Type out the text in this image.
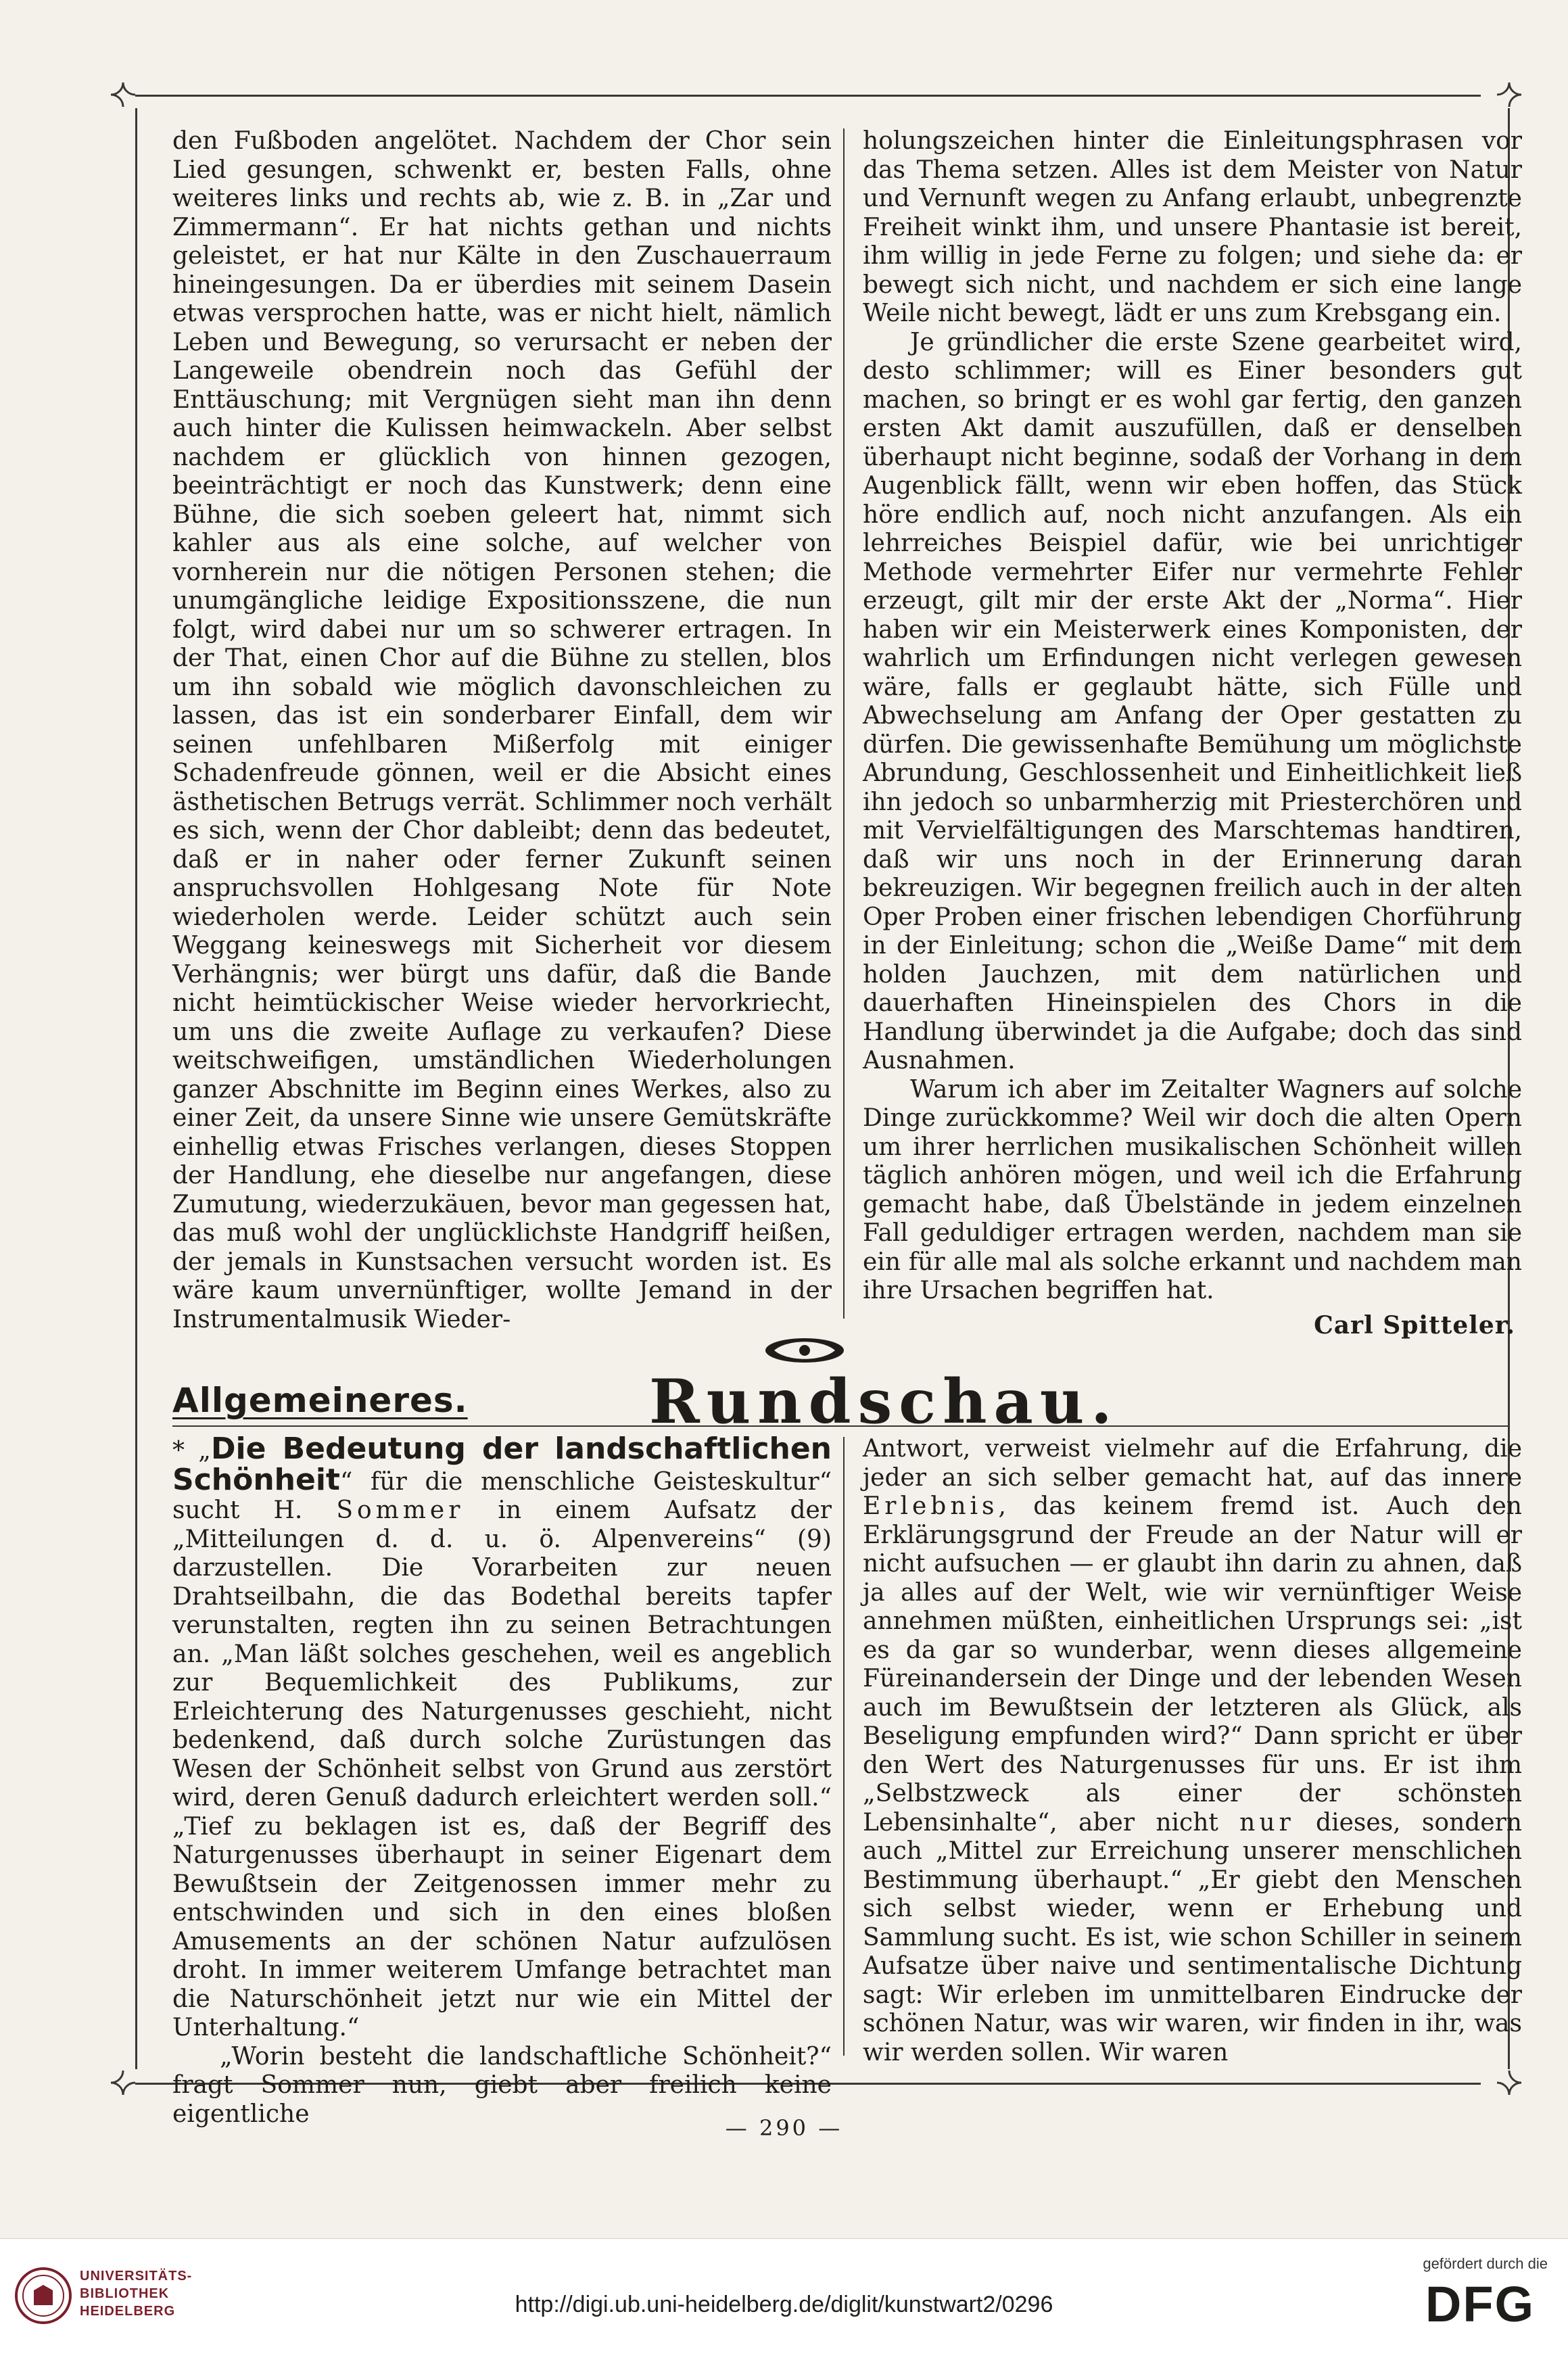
den Fußboden angelötet. Nachdem der Chor sein Lied gesungen, schwenkt er, besten Falls, ohne weiteres links und rechts ab, wie z. B. in „Zar und Zimmermann“. Er hat nichts gethan und nichts geleistet, er hat nur Kälte in den Zuschauerraum hineingesungen. Da er überdies mit seinem Dasein etwas versprochen hatte, was er nicht hielt, nämlich Leben und Bewegung, so verursacht er neben der Langeweile obendrein noch das Gefühl der Enttäuschung; mit Vergnügen sieht man ihn denn auch hinter die Kulissen heimwackeln. Aber selbst nachdem er glücklich von hinnen gezogen, beeinträchtigt er noch das Kunstwerk; denn eine Bühne, die sich soeben geleert hat, nimmt sich kahler aus als eine solche, auf welcher von vornherein nur die nötigen Personen stehen; die unumgängliche leidige Expositionsszene, die nun folgt, wird dabei nur um so schwerer ertragen. In der That, einen Chor auf die Bühne zu stellen, blos um ihn sobald wie möglich davonschleichen zu lassen, das ist ein sonderbarer Einfall, dem wir seinen unfehlbaren Mißerfolg mit einiger Schadenfreude gönnen, weil er die Absicht eines ästhetischen Betrugs verrät. Schlimmer noch verhält es sich, wenn der Chor dableibt; denn das bedeutet, daß er in naher oder ferner Zukunft seinen anspruchsvollen Hohlgesang Note für Note wiederholen werde. Leider schützt auch sein Weggang keineswegs mit Sicherheit vor diesem Verhängnis; wer bürgt uns dafür, daß die Bande nicht heimtückischer Weise wieder hervorkriecht, um uns die zweite Auflage zu verkaufen? Diese weitschweifigen, umständlichen Wiederholungen ganzer Abschnitte im Beginn eines Werkes, also zu einer Zeit, da unsere Sinne wie unsere Gemütskräfte einhellig etwas Frisches verlangen, dieses Stoppen der Handlung, ehe dieselbe nur angefangen, diese Zumutung, wiederzukäuen, bevor man gegessen hat, das muß wohl der unglücklichste Handgriff heißen, der jemals in Kunstsachen versucht worden ist. Es wäre kaum unvernünftiger, wollte Jemand in der Instrumentalmusik Wieder-

holungszeichen hinter die Einleitungsphrasen vor das Thema setzen. Alles ist dem Meister von Natur und Vernunft wegen zu Anfang erlaubt, unbegrenzte Freiheit winkt ihm, und unsere Phantasie ist bereit, ihm willig in jede Ferne zu folgen; und siehe da: er bewegt sich nicht, und nachdem er sich eine lange Weile nicht bewegt, lädt er uns zum Krebsgang ein.

Je gründlicher die erste Szene gearbeitet wird, desto schlimmer; will es Einer besonders gut machen, so bringt er es wohl gar fertig, den ganzen ersten Akt damit auszufüllen, daß er denselben überhaupt nicht beginne, sodaß der Vorhang in dem Augenblick fällt, wenn wir eben hoffen, das Stück höre endlich auf, noch nicht anzufangen. Als ein lehrreiches Beispiel dafür, wie bei unrichtiger Methode vermehrter Eifer nur vermehrte Fehler erzeugt, gilt mir der erste Akt der „Norma“. Hier haben wir ein Meisterwerk eines Komponisten, der wahrlich um Erfindungen nicht verlegen gewesen wäre, falls er geglaubt hätte, sich Fülle und Abwechselung am Anfang der Oper gestatten zu dürfen. Die gewissenhafte Bemühung um möglichste Abrundung, Geschlossenheit und Einheitlichkeit ließ ihn jedoch so unbarmherzig mit Priesterchören und mit Vervielfältigungen des Marschtemas handtiren, daß wir uns noch in der Erinnerung daran bekreuzigen. Wir begegnen freilich auch in der alten Oper Proben einer frischen lebendigen Chorführung in der Einleitung; schon die „Weiße Dame“ mit dem holden Jauchzen, mit dem natürlichen und dauerhaften Hineinspielen des Chors in die Handlung überwindet ja die Aufgabe; doch das sind Ausnahmen.

Warum ich aber im Zeitalter Wagners auf solche Dinge zurückkomme? Weil wir doch die alten Opern um ihrer herrlichen musikalischen Schönheit willen täglich anhören mögen, und weil ich die Erfahrung gemacht habe, daß Übelstände in jedem einzelnen Fall geduldiger ertragen werden, nachdem man sie ein für alle mal als solche erkannt und nachdem man ihre Ursachen begriffen hat.

Carl Spitteler.
Allgemeineres.	Rundschau.

* „Die Bedeutung der landschaftlichen Schönheit“ für die menschliche Geisteskultur“ sucht H. Sommer in einem Aufsatz der „Mitteilungen d. d. u. ö. Alpenvereins“ (9) darzustellen. Die Vorarbeiten zur neuen Drahtseilbahn, die das Bodethal bereits tapfer verunstalten, regten ihn zu seinen Betrachtungen an. „Man läßt solches geschehen, weil es angeblich zur Bequemlichkeit des Publikums, zur Erleichterung des Naturgenusses geschieht, nicht bedenkend, daß durch solche Zurüstungen das Wesen der Schönheit selbst von Grund aus zerstört wird, deren Genuß dadurch erleichtert werden soll.“ „Tief zu beklagen ist es, daß der Begriff des Naturgenusses überhaupt in seiner Eigenart dem Bewußtsein der Zeitgenossen immer mehr zu entschwinden und sich in den eines bloßen Amusements an der schönen Natur aufzulösen droht. In immer weiterem Umfange betrachtet man die Naturschönheit jetzt nur wie ein Mittel der Unterhaltung.“

„Worin besteht die landschaftliche Schönheit?“ fragt Sommer nun, giebt aber freilich keine eigentliche

Antwort, verweist vielmehr auf die Erfahrung, die jeder an sich selber gemacht hat, auf das innere Erlebnis, das keinem fremd ist. Auch den Erklärungsgrund der Freude an der Natur will er nicht aufsuchen — er glaubt ihn darin zu ahnen, daß ja alles auf der Welt, wie wir vernünftiger Weise annehmen müßten, einheitlichen Ursprungs sei: „ist es da gar so wunderbar, wenn dieses allgemeine Füreinandersein der Dinge und der lebenden Wesen auch im Bewußtsein der letzteren als Glück, als Beseligung empfunden wird?“ Dann spricht er über den Wert des Naturgenusses für uns. Er ist ihm „Selbstzweck als einer der schönsten Lebensinhalte“, aber nicht nur dieses, sondern auch „Mittel zur Erreichung unserer menschlichen Bestimmung überhaupt.“ „Er giebt den Menschen sich selbst wieder, wenn er Erhebung und Sammlung sucht. Es ist, wie schon Schiller in seinem Aufsatze über naive und sentimentalische Dichtung sagt: Wir erleben im unmittelbaren Eindrucke der schönen Natur, was wir waren, wir finden in ihr, was wir werden sollen. Wir waren

— 290 —
UNIVERSITÄTS-
BIBLIOTHEK
HEIDELBERG	http://digi.ub.uni-heidelberg.de/diglit/kunstwart2/0296
gefördert durch die
DFG
